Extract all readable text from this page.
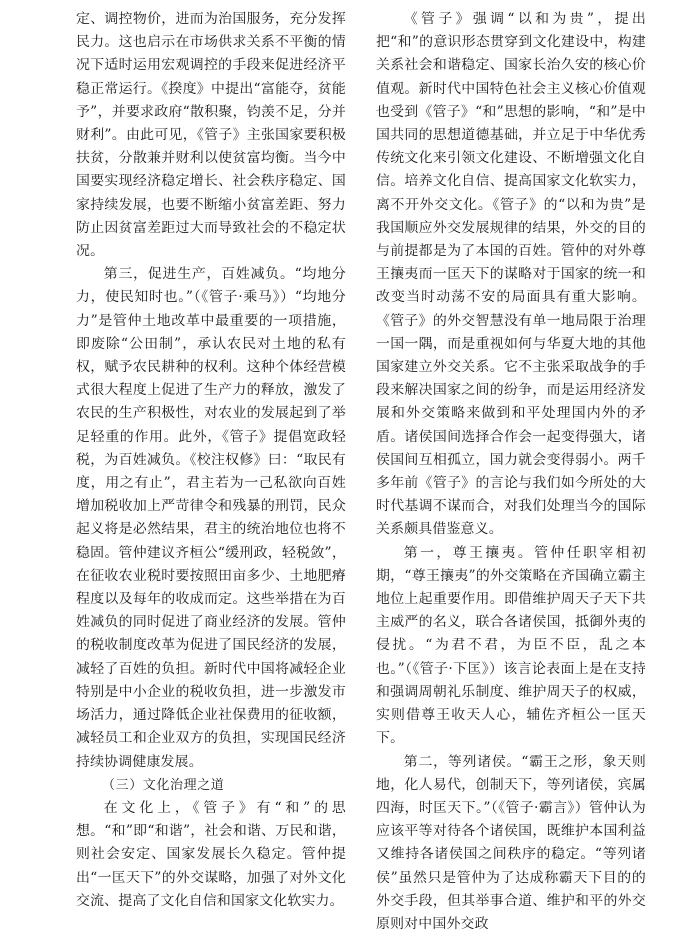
定、调控物价，进而为治国服务，充分发挥民力。这也启示在市场供求关系不平衡的情况下适时运用宏观调控的手段来促进经济平稳正常运行。《揆度》中提出“富能夺，贫能予”，并要求政府“散积聚，钧羡不足，分并财利”。由此可见，《管子》主张国家要积极扶贫，分散兼并财利以使贫富均衡。当今中国要实现经济稳定增长、社会秩序稳定、国家持续发展，也要不断缩小贫富差距、努力防止因贫富差距过大而导致社会的不稳定状况。

第三，促进生产，百姓减负。“均地分力，使民知时也。”（《管子·乘马》）“均地分力”是管仲土地改革中最重要的一项措施，即废除“公田制”，承认农民对土地的私有权，赋予农民耕种的权利。这种个体经营模式很大程度上促进了生产力的释放，激发了农民的生产积极性，对农业的发展起到了举足轻重的作用。此外，《管子》提倡宽政轻税，为百姓减负。《校注权修》曰：“取民有度，用之有止”，君主若为一己私欲向百姓增加税收加上严苛律令和残暴的刑罚，民众起义将是必然结果，君主的统治地位也将不稳固。管仲建议齐桓公“缓刑政，轻税敛”，在征收农业税时要按照田亩多少、土地肥瘠程度以及每年的收成而定。这些举措在为百姓减负的同时促进了商业经济的发展。管仲的税收制度改革为促进了国民经济的发展，减轻了百姓的负担。新时代中国将减轻企业特别是中小企业的税收负担，进一步激发市场活力，通过降低企业社保费用的征收额，减轻员工和企业双方的负担，实现国民经济持续协调健康发展。

（三）文化治理之道

在文化上，《管子》有“和”的思想。“和”即“和谐”，社会和谐、万民和谐，则社会安定、国家发展长久稳定。管仲提出“一匡天下”的外交谋略，加强了对外文化交流、提高了文化自信和国家文化软实力。

《管子》强调“以和为贵”，提出把“和”的意识形态贯穿到文化建设中，构建关系社会和谐稳定、国家长治久安的核心价值观。新时代中国特色社会主义核心价值观也受到《管子》“和”思想的影响，“和”是中国共同的思想道德基础，并立足于中华优秀传统文化来引领文化建设、不断增强文化自信。培养文化自信、提高国家文化软实力，离不开外交文化。《管子》的“以和为贵”是我国顺应外交发展规律的结果，外交的目的与前提都是为了本国的百姓。管仲的对外尊王攘夷而一匡天下的谋略对于国家的统一和改变当时动荡不安的局面具有重大影响。《管子》的外交智慧没有单一地局限于治理一国一隅，而是重视如何与华夏大地的其他国家建立外交关系。它不主张采取战争的手段来解决国家之间的纷争，而是运用经济发展和外交策略来做到和平处理国内外的矛盾。诸侯国间选择合作会一起变得强大，诸侯国间互相孤立，国力就会变得弱小。两千多年前《管子》的言论与我们如今所处的大时代基调不谋而合，对我们处理当今的国际关系颇具借鉴意义。

第一，尊王攘夷。管仲任职宰相初期，“尊王攘夷”的外交策略在齐国确立霸主地位上起重要作用。即借维护周天子天下共主威严的名义，联合各诸侯国，抵御外夷的侵扰。“为君不君，为臣不臣，乱之本也。”（《管子·下匡》）该言论表面上是在支持和强调周朝礼乐制度、维护周天子的权威，实则借尊王收天人心，辅佐齐桓公一匡天下。

第二，等列诸侯。“霸王之形，象天则地，化人易代，创制天下，等列诸侯，宾属四海，时匡天下。”（《管子·霸言》）管仲认为应该平等对待各个诸侯国，既维护本国利益又维持各诸侯国之间秩序的稳定。“等列诸侯”虽然只是管仲为了达成称霸天下目的的外交手段，但其举事合道、维护和平的外交原则对中国外交政
